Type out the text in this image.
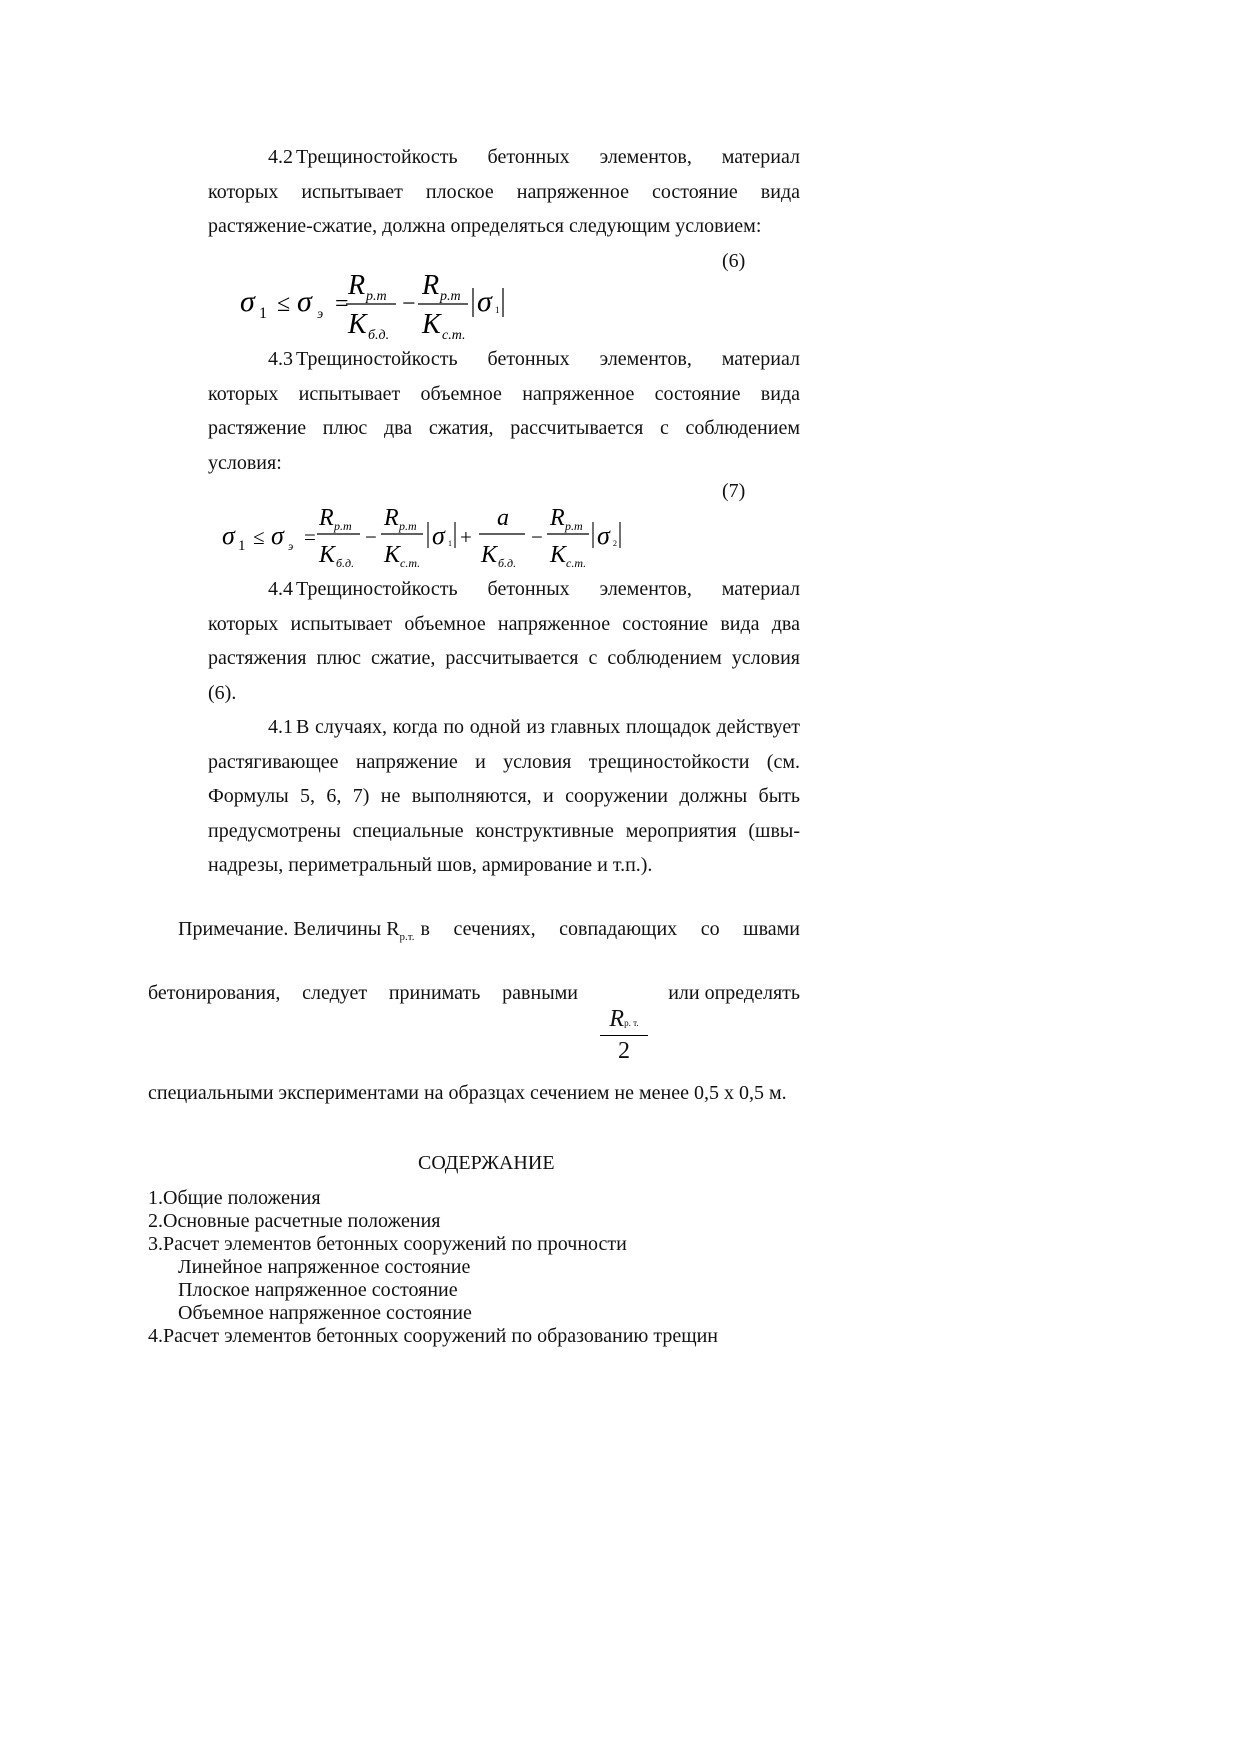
4.2 Трещиностойкость бетонных элементов, материал которых испытывает плоское напряженное состояние вида растяжение-сжатие, должна определяться следующим условием:
(6)
σ 1 ≤ σ э =
R р.т
K б.д.
−
R р.т
K с.т.
σ 1
4.3 Трещиностойкость бетонных элементов, материал которых испытывает объемное напряженное состояние вида растяжение плюс два сжатия, рассчитывается с соблюдением условия:
(7)
σ 1 ≤ σ э =
R р.т
K б.д.
−
R р.т
K с.т.
σ 1 +
a
K б.д.
−
R р.т
K с.т.
σ 2
4.4 Трещиностойкость бетонных элементов, материал которых испытывает объемное напряженное состояние вида два растяжения плюс сжатие, рассчитывается с соблюдением условия (6).
4.1 В случаях, когда по одной из главных площадок действует растягивающее напряжение и условия трещиностойкости (см. Формулы 5, 6, 7) не выполняются, и сооружении должны быть предусмотрены специальные конструктивные мероприятия (швы-надрезы, периметральный шов, армирование и т.п.).
Примечание. Величины $R_{р.т.}$ в сечениях, совпадающих со швами
бетонирования, следует принимать равными	или определять
Rр. т.
2
специальными экспериментами на образцах сечением не менее 0,5 х 0,5 м.
СОДЕРЖАНИЕ
1.Общие положения
2.Основные расчетные положения
3.Расчет элементов бетонных сооружений по прочности
Линейное напряженное состояние
Плоское напряженное состояние
Объемное напряженное состояние
4.Расчет элементов бетонных сооружений по образованию трещин
